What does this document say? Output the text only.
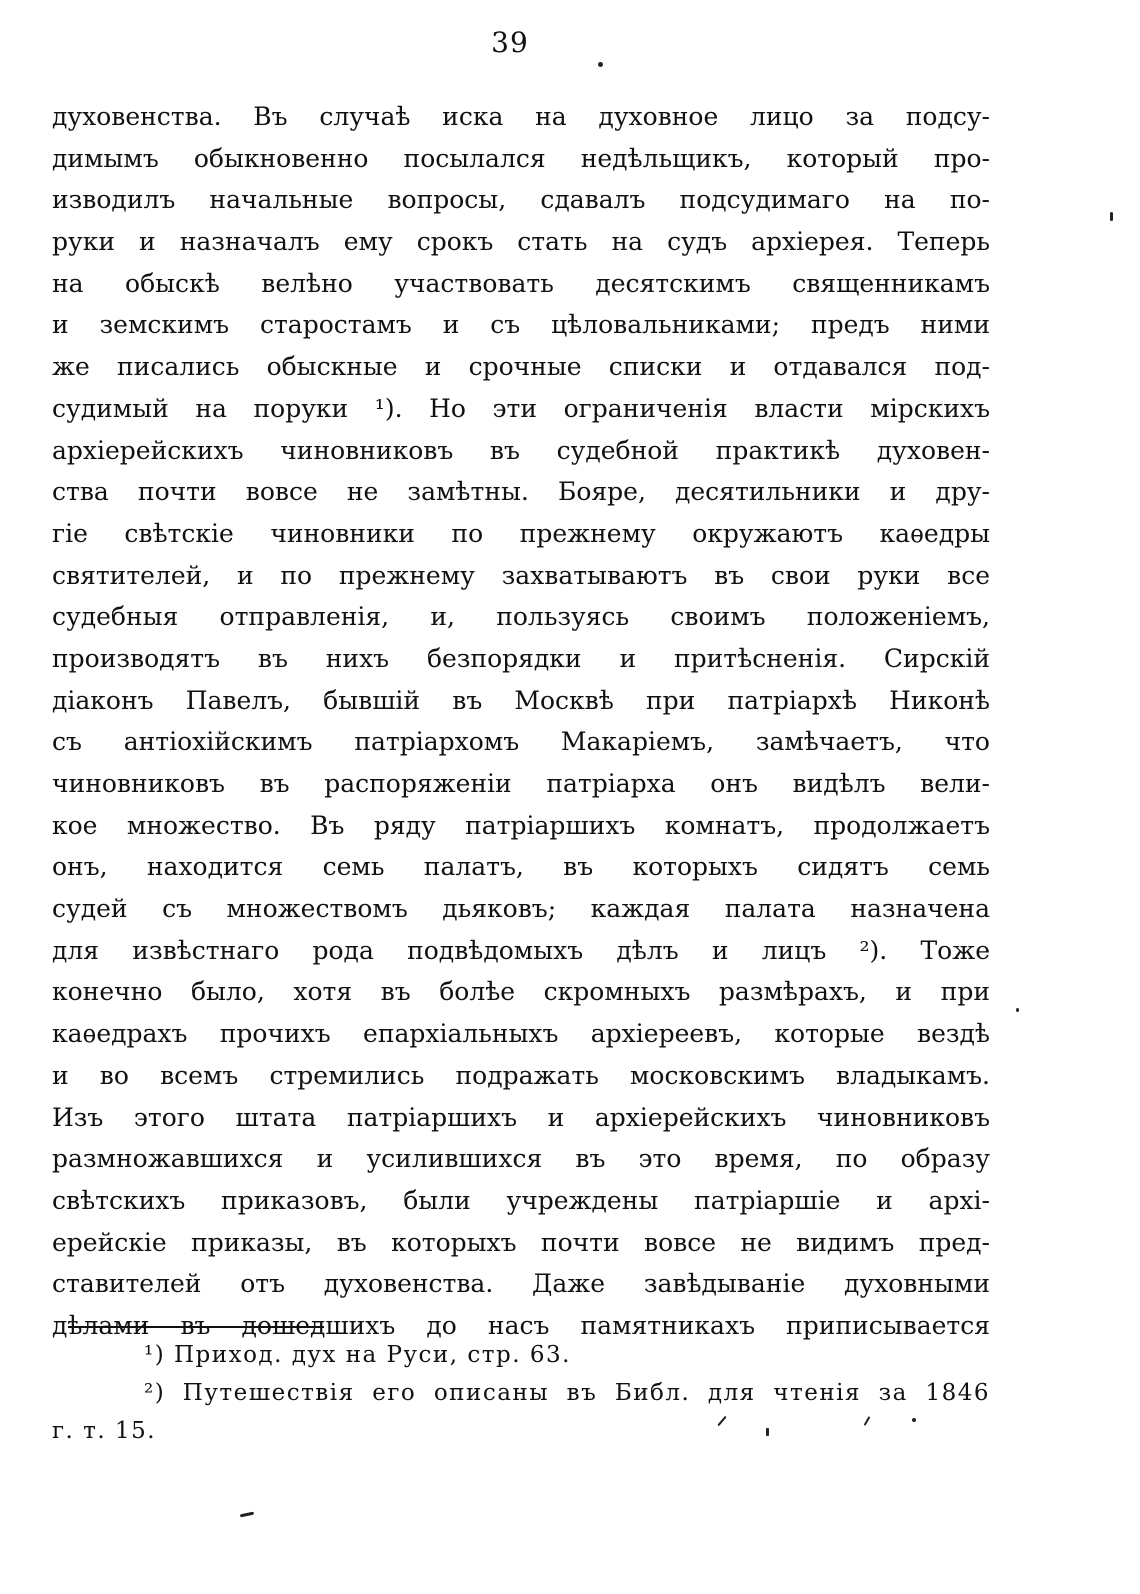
39
духовенства. Въ случаѣ иска на духовное лицо за подсу-
димымъ обыкновенно посылался недѣльщикъ, который про-
изводилъ начальные вопросы, сдавалъ подсудимаго на по-
руки и назначалъ ему срокъ стать на судъ архіерея. Теперь
на обыскѣ велѣно участвовать десятскимъ священникамъ
и земскимъ старостамъ и съ цѣловальниками; предъ ними
же писались обыскные и срочные списки и отдавался под-
судимый на поруки ¹). Но эти ограниченія власти мірскихъ
архіерейскихъ чиновниковъ въ судебной практикѣ духовен-
ства почти вовсе не замѣтны. Бояре, десятильники и дру-
гіе свѣтскіе чиновники по прежнему окружаютъ каѳедры
святителей, и по прежнему захватываютъ въ свои руки все
судебныя отправленія, и, пользуясь своимъ положеніемъ,
производятъ въ нихъ безпорядки и притѣсненія. Сирскій
діаконъ Павелъ, бывшій въ Москвѣ при патріархѣ Никонѣ
съ антіохійскимъ патріархомъ Макаріемъ, замѣчаетъ, что
чиновниковъ въ распоряженіи патріарха онъ видѣлъ вели-
кое множество. Въ ряду патріаршихъ комнатъ, продолжаетъ
онъ, находится семь палатъ, въ которыхъ сидятъ семь
судей съ множествомъ дьяковъ; каждая палата назначена
для извѣстнаго рода подвѣдомыхъ дѣлъ и лицъ ²). Тоже
конечно было, хотя въ болѣе скромныхъ размѣрахъ, и при
каѳедрахъ прочихъ епархіальныхъ архіереевъ, которые вездѣ
и во всемъ стремились подражать московскимъ владыкамъ.
Изъ этого штата патріаршихъ и архіерейскихъ чиновниковъ
размножавшихся и усилившихся въ это время, по образу
свѣтскихъ приказовъ, были учреждены патріаршіе и архі-
ерейскіе приказы, въ которыхъ почти вовсе не видимъ пред-
ставителей отъ духовенства. Даже завѣдываніе духовными
дѣлами въ дошедшихъ до насъ памятникахъ приписывается
¹) Приход. дух на Руси, стр. 63.
²) Путешествія его описаны въ Библ. для чтенія за 1846
г. т. 15.
